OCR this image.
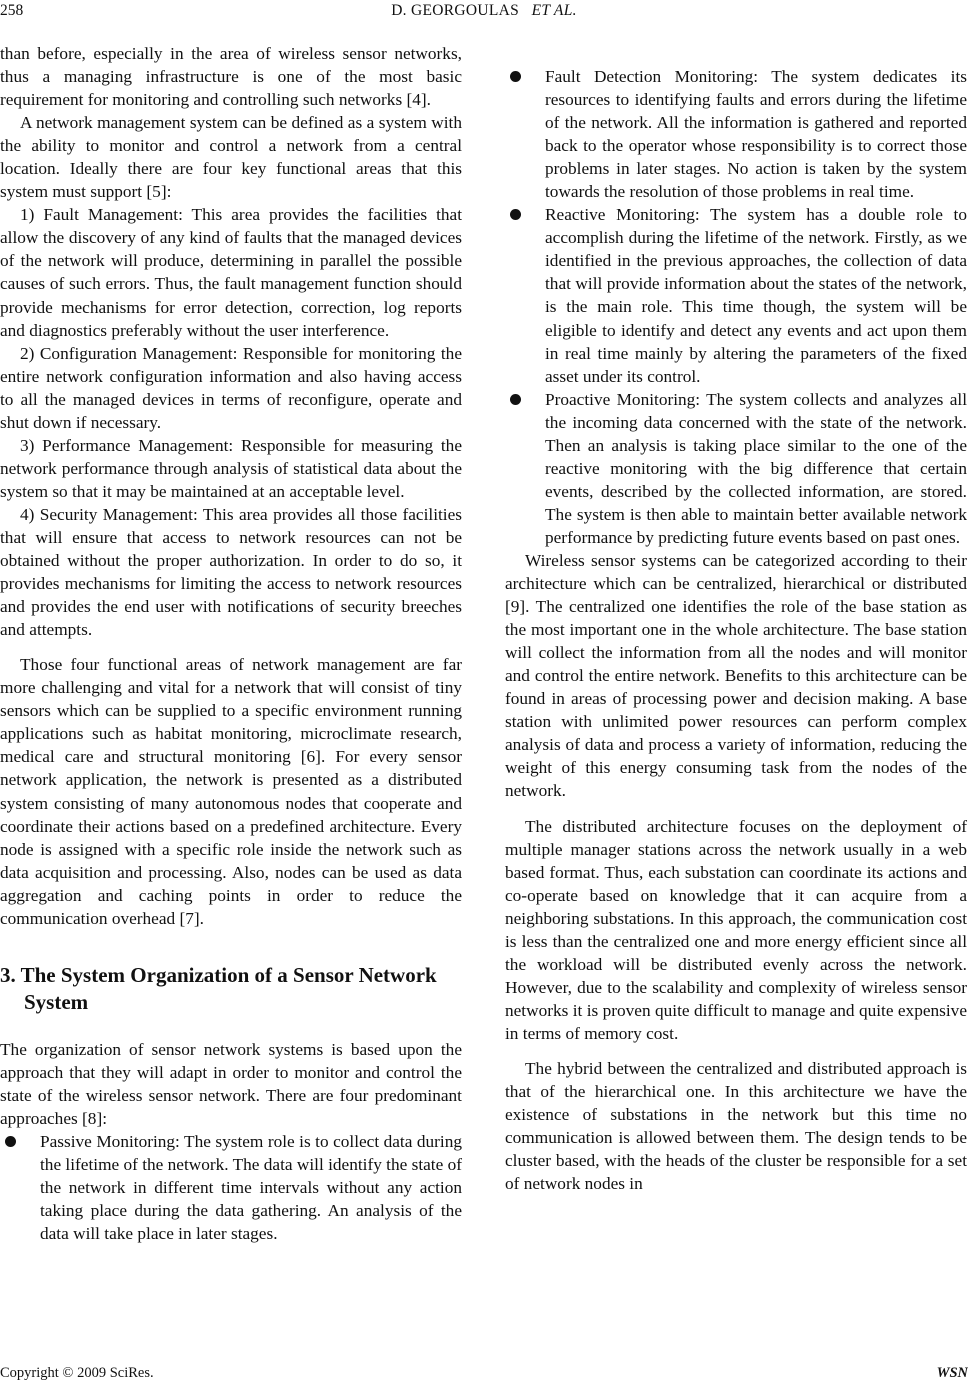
258	D. GEORGOULAS ET AL.

than before, especially in the area of wireless sensor networks, thus a managing infrastructure is one of the most basic requirement for monitoring and controlling such networks [4].

A network management system can be defined as a system with the ability to monitor and control a network from a central location. Ideally there are four key functional areas that this system must support [5]:

1) Fault Management: This area provides the facilities that allow the discovery of any kind of faults that the managed devices of the network will produce, determining in parallel the possible causes of such errors. Thus, the fault management function should provide mechanisms for error detection, correction, log reports and diagnostics preferably without the user interference.

2) Configuration Management: Responsible for monitoring the entire network configuration information and also having access to all the managed devices in terms of reconfigure, operate and shut down if necessary.

3) Performance Management: Responsible for measuring the network performance through analysis of statistical data about the system so that it may be maintained at an acceptable level.

4) Security Management: This area provides all those facilities that will ensure that access to network resources can not be obtained without the proper authorization. In order to do so, it provides mechanisms for limiting the access to network resources and provides the end user with notifications of security breeches and attempts.

Those four functional areas of network management are far more challenging and vital for a network that will consist of tiny sensors which can be supplied to a specific environment running applications such as habitat monitoring, microclimate research, medical care and structural monitoring [6]. For every sensor network application, the network is presented as a distributed system consisting of many autonomous nodes that cooperate and coordinate their actions based on a predefined architecture. Every node is assigned with a specific role inside the network such as data acquisition and processing. Also, nodes can be used as data aggregation and caching points in order to reduce the communication overhead [7].

3. The System Organization of a Sensor Network System

The organization of sensor network systems is based upon the approach that they will adapt in order to monitor and control the state of the wireless sensor network. There are four predominant approaches [8]:

Passive Monitoring: The system role is to collect data during the lifetime of the network. The data will identify the state of the network in different time intervals without any action taking place during the data gathering. An analysis of the data will take place in later stages.
Fault Detection Monitoring: The system dedicates its resources to identifying faults and errors during the lifetime of the network. All the information is gathered and reported back to the operator whose responsibility is to correct those problems in later stages. No action is taken by the system towards the resolution of those problems in real time.
Reactive Monitoring: The system has a double role to accomplish during the lifetime of the network. Firstly, as we identified in the previous approaches, the collection of data that will provide information about the states of the network, is the main role. This time though, the system will be eligible to identify and detect any events and act upon them in real time mainly by altering the parameters of the fixed asset under its control.
Proactive Monitoring: The system collects and analyzes all the incoming data concerned with the state of the network. Then an analysis is taking place similar to the one of the reactive monitoring with the big difference that certain events, described by the collected information, are stored. The system is then able to maintain better available network performance by predicting future events based on past ones.

Wireless sensor systems can be categorized according to their architecture which can be centralized, hierarchical or distributed [9]. The centralized one identifies the role of the base station as the most important one in the whole architecture. The base station will collect the information from all the nodes and will monitor and control the entire network. Benefits to this architecture can be found in areas of processing power and decision making. A base station with unlimited power resources can perform complex analysis of data and process a variety of information, reducing the weight of this energy consuming task from the nodes of the network.

The distributed architecture focuses on the deployment of multiple manager stations across the network usually in a web based format. Thus, each substation can coordinate its actions and co-operate based on knowledge that it can acquire from a neighboring substations. In this approach, the communication cost is less than the centralized one and more energy efficient since all the workload will be distributed evenly across the network. However, due to the scalability and complexity of wireless sensor networks it is proven quite difficult to manage and quite expensive in terms of memory cost.

The hybrid between the centralized and distributed approach is that of the hierarchical one. In this architecture we have the existence of substations in the network but this time no communication is allowed between them. The design tends to be cluster based, with the heads of the cluster be responsible for a set of network nodes in

Copyright © 2009 SciRes.	WSN
